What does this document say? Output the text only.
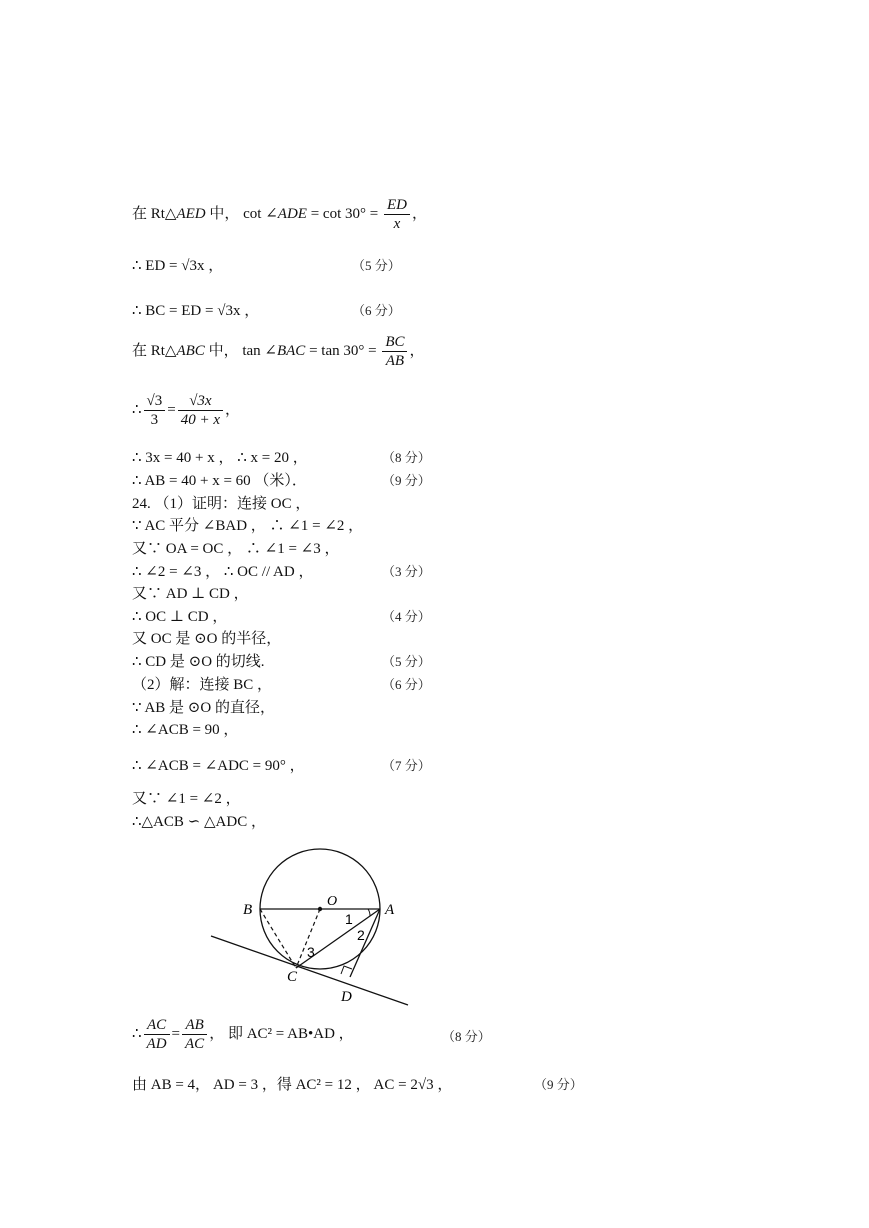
在 Rt△AED 中， cot ∠ADE = $\cot 30^\circ = \frac{ED}{x}$ ，
∴ ED = √3x ，	（5 分）
∴ BC = ED = √3x ，	（6 分）
在 Rt△ABC 中， tan ∠BAC = $\tan 30^\circ = \frac{BC}{AB}$ ，
∴ $\frac{√3}{3} = \frac{√3x}{40 + x}$ ，
∴ 3x = 40 + x ， ∴ x = 20 ，	（8 分）
∴ AB = 40 + x = 60 （米）．	（9 分）
24. （1）证明：连接 OC ，
∵ AC 平分 ∠BAD ， ∴ ∠1 = ∠2 ，
又∵ OA = OC ， ∴ ∠1 = ∠3 ，
∴ ∠2 = ∠3 ， ∴ OC // AD ，	（3 分）
又∵ AD ⊥ CD ，
∴ OC ⊥ CD ，	（4 分）
又 OC 是 ⊙O 的半径，
∴ CD 是 ⊙O 的切线.	（5 分）
（2）解：连接 BC ，	（6 分）
∵ AB 是 ⊙O 的直径，
∴ ∠ACB = 90 ，
∴ ∠ACB = ∠ADC = 90° ，	（7 分）
又∵ ∠1 = ∠2 ，
∴△ACB ∽ △ADC ，
B
O
A
C
D
1
2
3
∴ $\frac{AC}{AD} = \frac{AB}{AC}$ ， 即 AC² = AB•AD ，	（8 分）
由 AB = 4， AD = 3 ，得 AC² = 12 ， AC = 2√3 ，	（9 分）
